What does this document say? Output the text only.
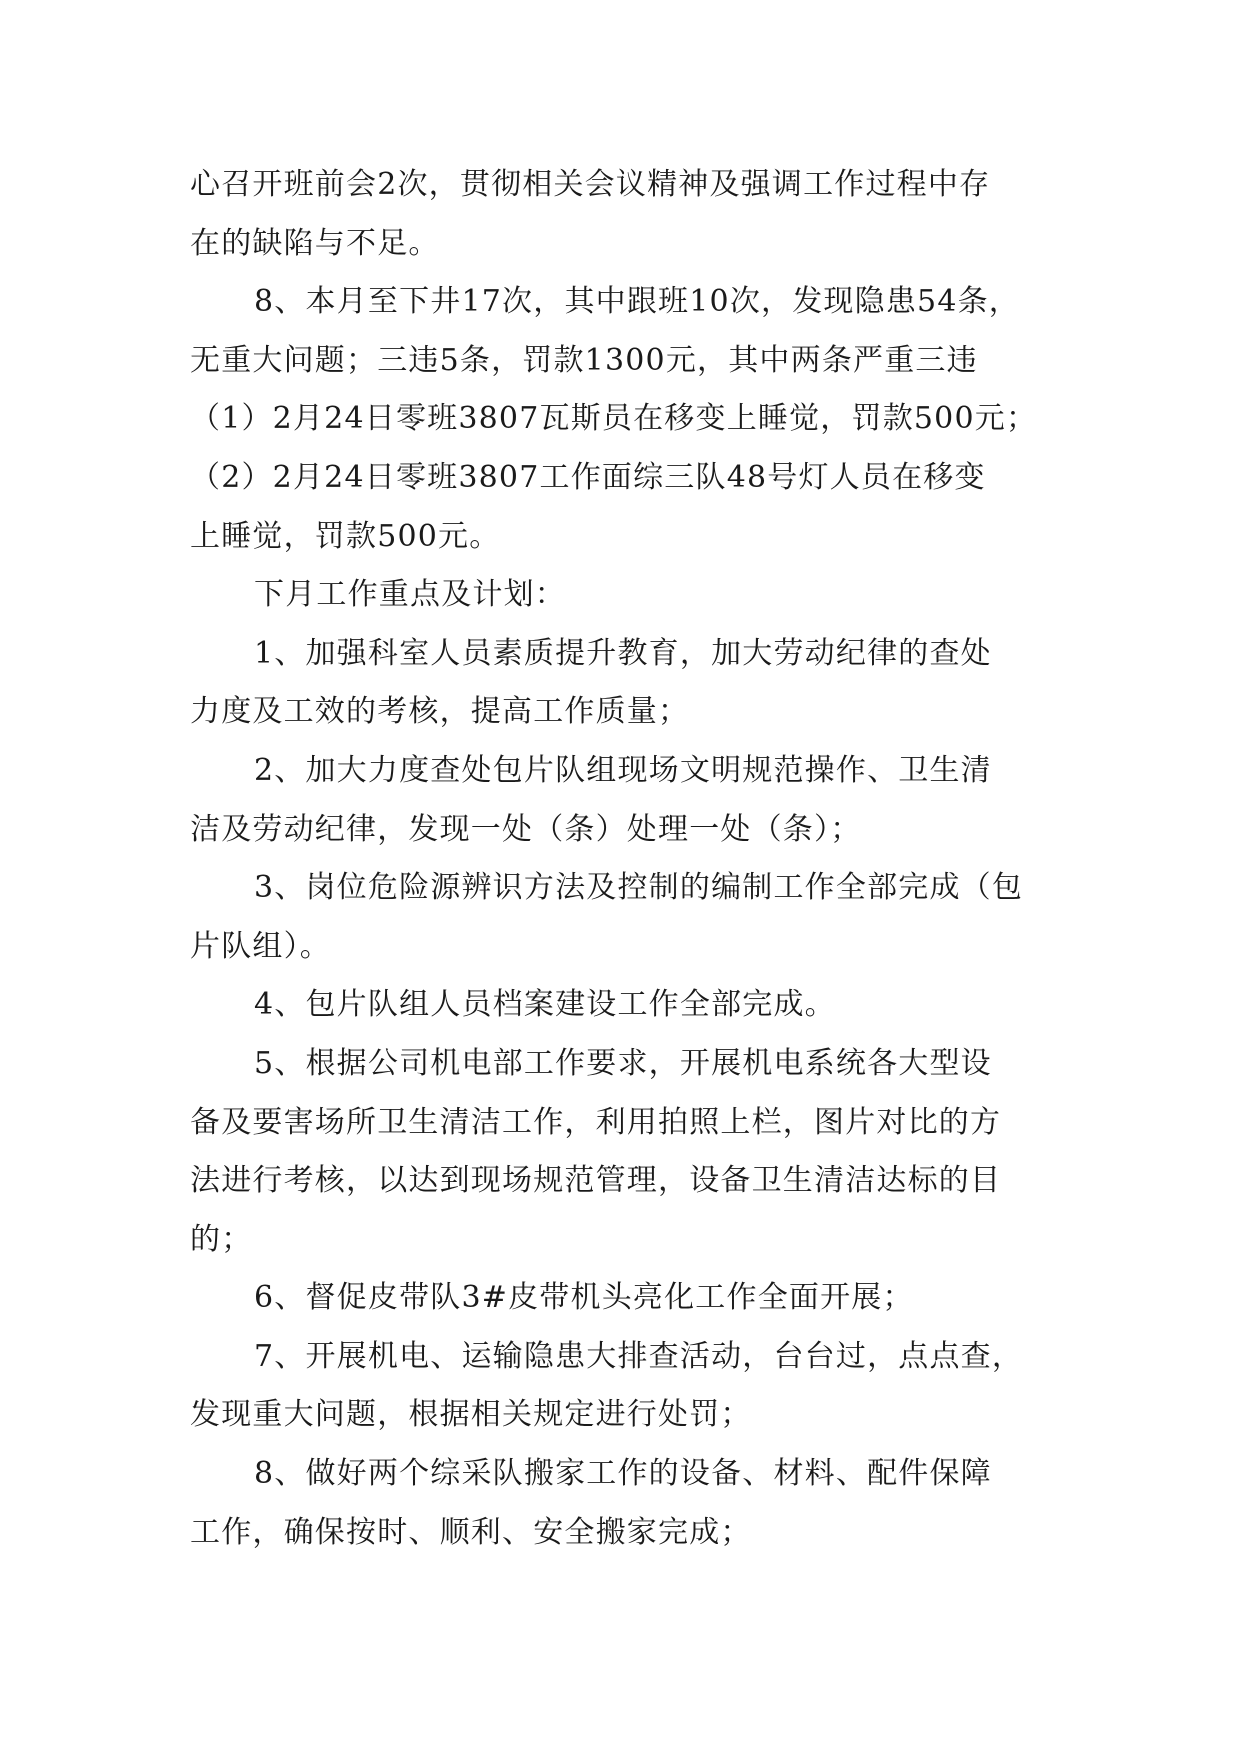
心召开班前会2次，贯彻相关会议精神及强调工作过程中存
在的缺陷与不足。
8、本月至下井17次，其中跟班10次，发现隐患54条，
无重大问题；三违5条，罚款1300元，其中两条严重三违
（1）2月24日零班3807瓦斯员在移变上睡觉，罚款500元；
（2）2月24日零班3807工作面综三队48号灯人员在移变
上睡觉，罚款500元。
下月工作重点及计划：
1、加强科室人员素质提升教育，加大劳动纪律的查处
力度及工效的考核，提高工作质量；
2、加大力度查处包片队组现场文明规范操作、卫生清
洁及劳动纪律，发现一处（条）处理一处（条）；
3、岗位危险源辨识方法及控制的编制工作全部完成（包
片队组）。
4、包片队组人员档案建设工作全部完成。
5、根据公司机电部工作要求，开展机电系统各大型设
备及要害场所卫生清洁工作，利用拍照上栏，图片对比的方
法进行考核，以达到现场规范管理，设备卫生清洁达标的目
的；
6、督促皮带队3#皮带机头亮化工作全面开展；
7、开展机电、运输隐患大排查活动，台台过，点点查，
发现重大问题，根据相关规定进行处罚；
8、做好两个综采队搬家工作的设备、材料、配件保障
工作，确保按时、顺利、安全搬家完成；
